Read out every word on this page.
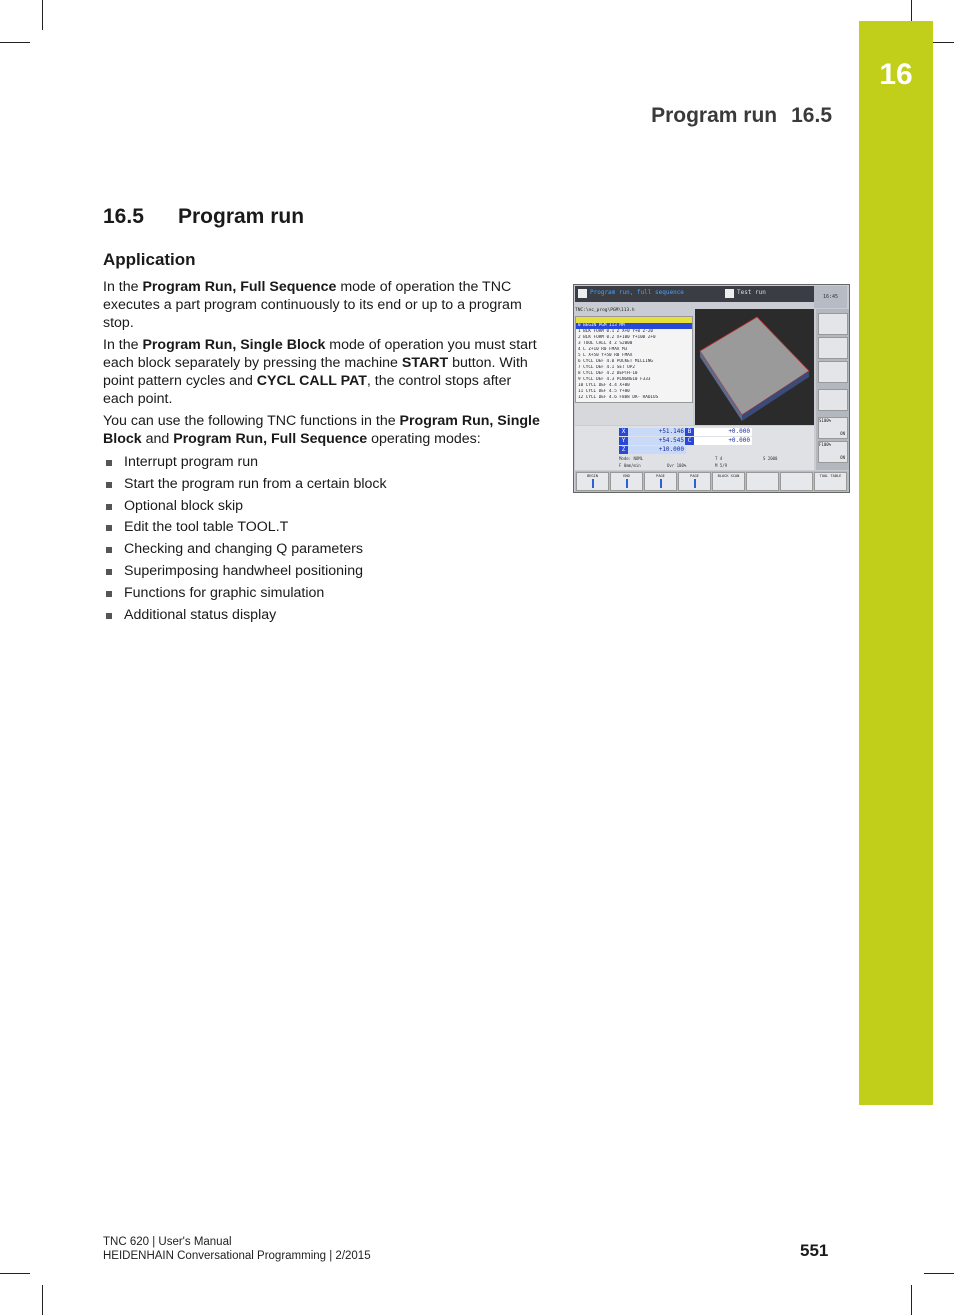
16
Program run 16.5
16.5 Program run
Application

In the Program Run, Full Sequence mode of operation the TNC executes a part program continuously to its end or up to a program stop.

In the Program Run, Single Block mode of operation you must start each block separately by pressing the machine START button. With point pattern cycles and CYCL CALL PAT, the control stops after each point.

You can use the following TNC functions in the Program Run, Single Block and Program Run, Full Sequence operating modes:

Interrupt program run
Start the program run from a certain block
Optional block skip
Edit the tool table TOOL.T
Checking and changing Q parameters
Superimposing handwheel positioning
Functions for graphic simulation
Additional status display
Program run, full sequence	Test run
16:45
TNC:\nc_prog\PGM\113.h
0 BEGIN PGM 113 MM
1 BLK FORM 0.1 Z X+0 Y+0 Z-20
2 BLK FORM 0.2 X+100 Y+100 Z+0
3 TOOL CALL 4 Z S2000
4 L Z+10 R0 FMAX M3
5 L X+50 Y+50 R0 FMAX
6 CYCL DEF 4.0 POCKET MILLING
7 CYCL DEF 4.1 SET UP2
8 CYCL DEF 4.2 DEPTH-10
9 CYCL DEF 4.3 PLNGNG10 F333
10 CYCL DEF 4.4 X+80
11 CYCL DEF 4.5 Y+80
12 CYCL DEF 4.6 F888 DR- RADIUS

X	+51.146
Y	+54.545
Z	+10.000
B	+0.000
C	+0.000
Mode: NOML
F 0mm/min	Ovr 100%
T 4	S 2000
M 5/9
S100%
ON
F100%
ON
BEGIN	END	PAGE	PAGE	BLOCK SCAN	TOOL TABLE
TNC 620 | User's Manual
HEIDENHAIN Conversational Programming | 2/2015	551
